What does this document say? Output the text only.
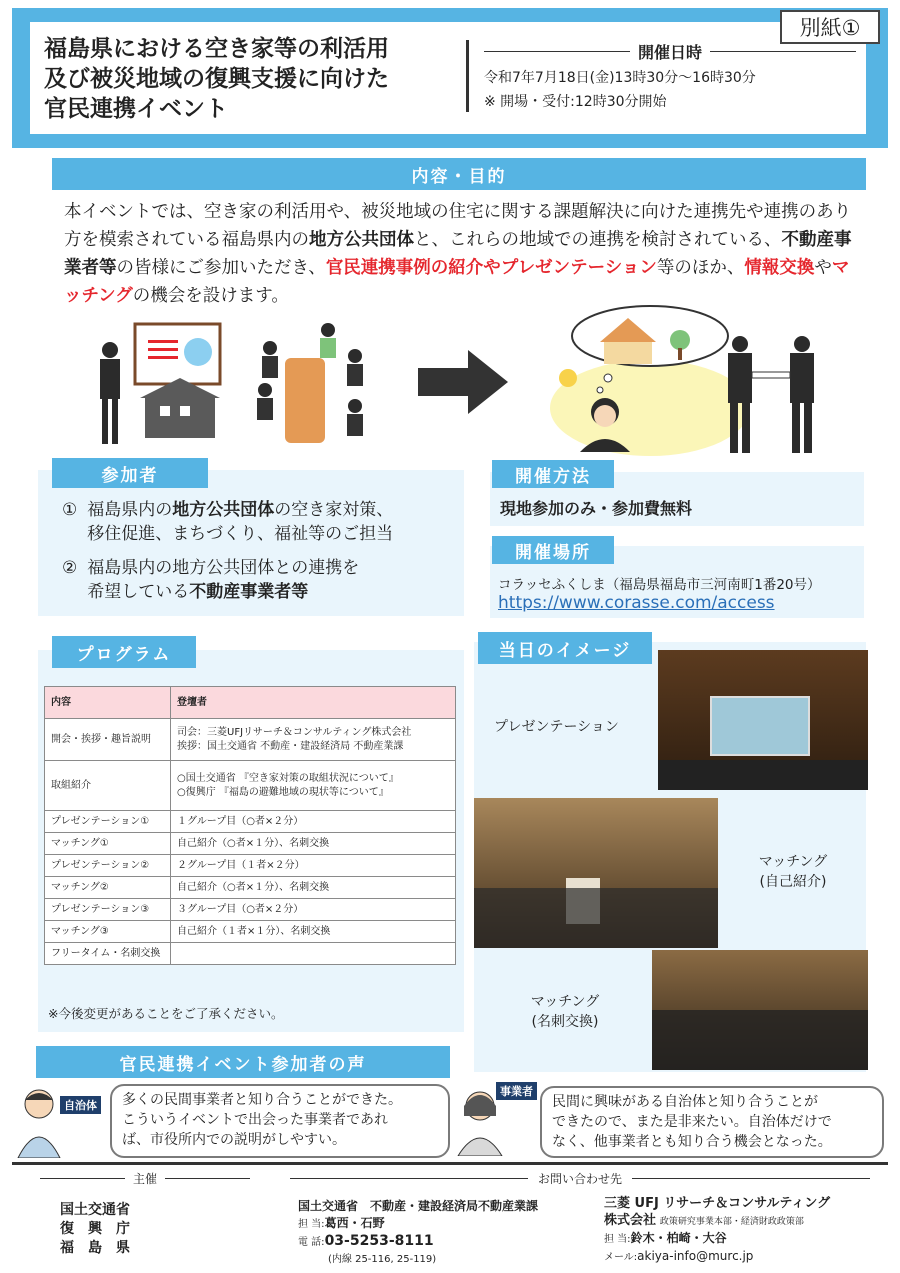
別紙①
福島県における空き家等の利活用
及び被災地域の復興支援に向けた
官民連携イベント
開催日時
令和7年7月18日(金)13時30分～16時30分
※ 開場・受付:12時30分開始
内容・目的
本イベントでは、空き家の利活用や、被災地域の住宅に関する課題解決に向けた連携先や連携のあり方を模索されている福島県内の地方公共団体と、これらの地域での連携を検討されている、不動産事業者等の皆様にご参加いただき、官民連携事例の紹介やプレゼンテーション等のほか、情報交換やマッチングの機会を設けます。
参加者
① 福島県内の地方公共団体の空き家対策、
移住促進、まちづくり、福祉等のご担当
② 福島県内の地方公共団体との連携を
希望している不動産事業者等
開催方法
現地参加のみ・参加費無料
開催場所
コラッセふくしま（福島県福島市三河南町1番20号）
https://www.corasse.com/access
プログラム
内容	登壇者
開会・挨拶・趣旨説明	司会：三菱UFJリサーチ＆コンサルティング株式会社
挨拶：国土交通省 不動産・建設経済局 不動産業課

取組紹介	○国土交通省 『空き家対策の取組状況について』
○復興庁 『福島の避難地域の現状等について』

プレゼンテーション①	１グループ目（○者×２分）
マッチング①	自己紹介（○者×１分）、名刺交換
プレゼンテーション②	２グループ目（１者×２分）
マッチング②	自己紹介（○者×１分）、名刺交換
プレゼンテーション③	３グループ目（○者×２分）
マッチング③	自己紹介（１者×１分）、名刺交換
フリータイム・名刺交換	
※今後変更があることをご了承ください。
当日のイメージ
プレゼンテーション
マッチング
(自己紹介)
マッチング
(名刺交換)
官民連携イベント参加者の声
自治体 多くの民間事業者と知り合うことができた。
こういうイベントで出会った事業者であれ
ば、市役所内での説明がしやすい。
事業者
民間に興味がある自治体と知り合うことが
できたので、また是非来たい。自治体だけで
なく、他事業者とも知り合う機会となった。
主催
国土交通省
復　興　庁
福　島　県
お問い合わせ先
国土交通省　不動産・建設経済局不動産業課
担 当:葛西・石野
電 話:03-5253-8111
(内線 25-116, 25-119)
三菱 UFJ リサーチ＆コンサルティング
株式会社 政策研究事業本部・経済財政政策部
担 当:鈴木・柏崎・大谷
メール:akiya-info@murc.jp
